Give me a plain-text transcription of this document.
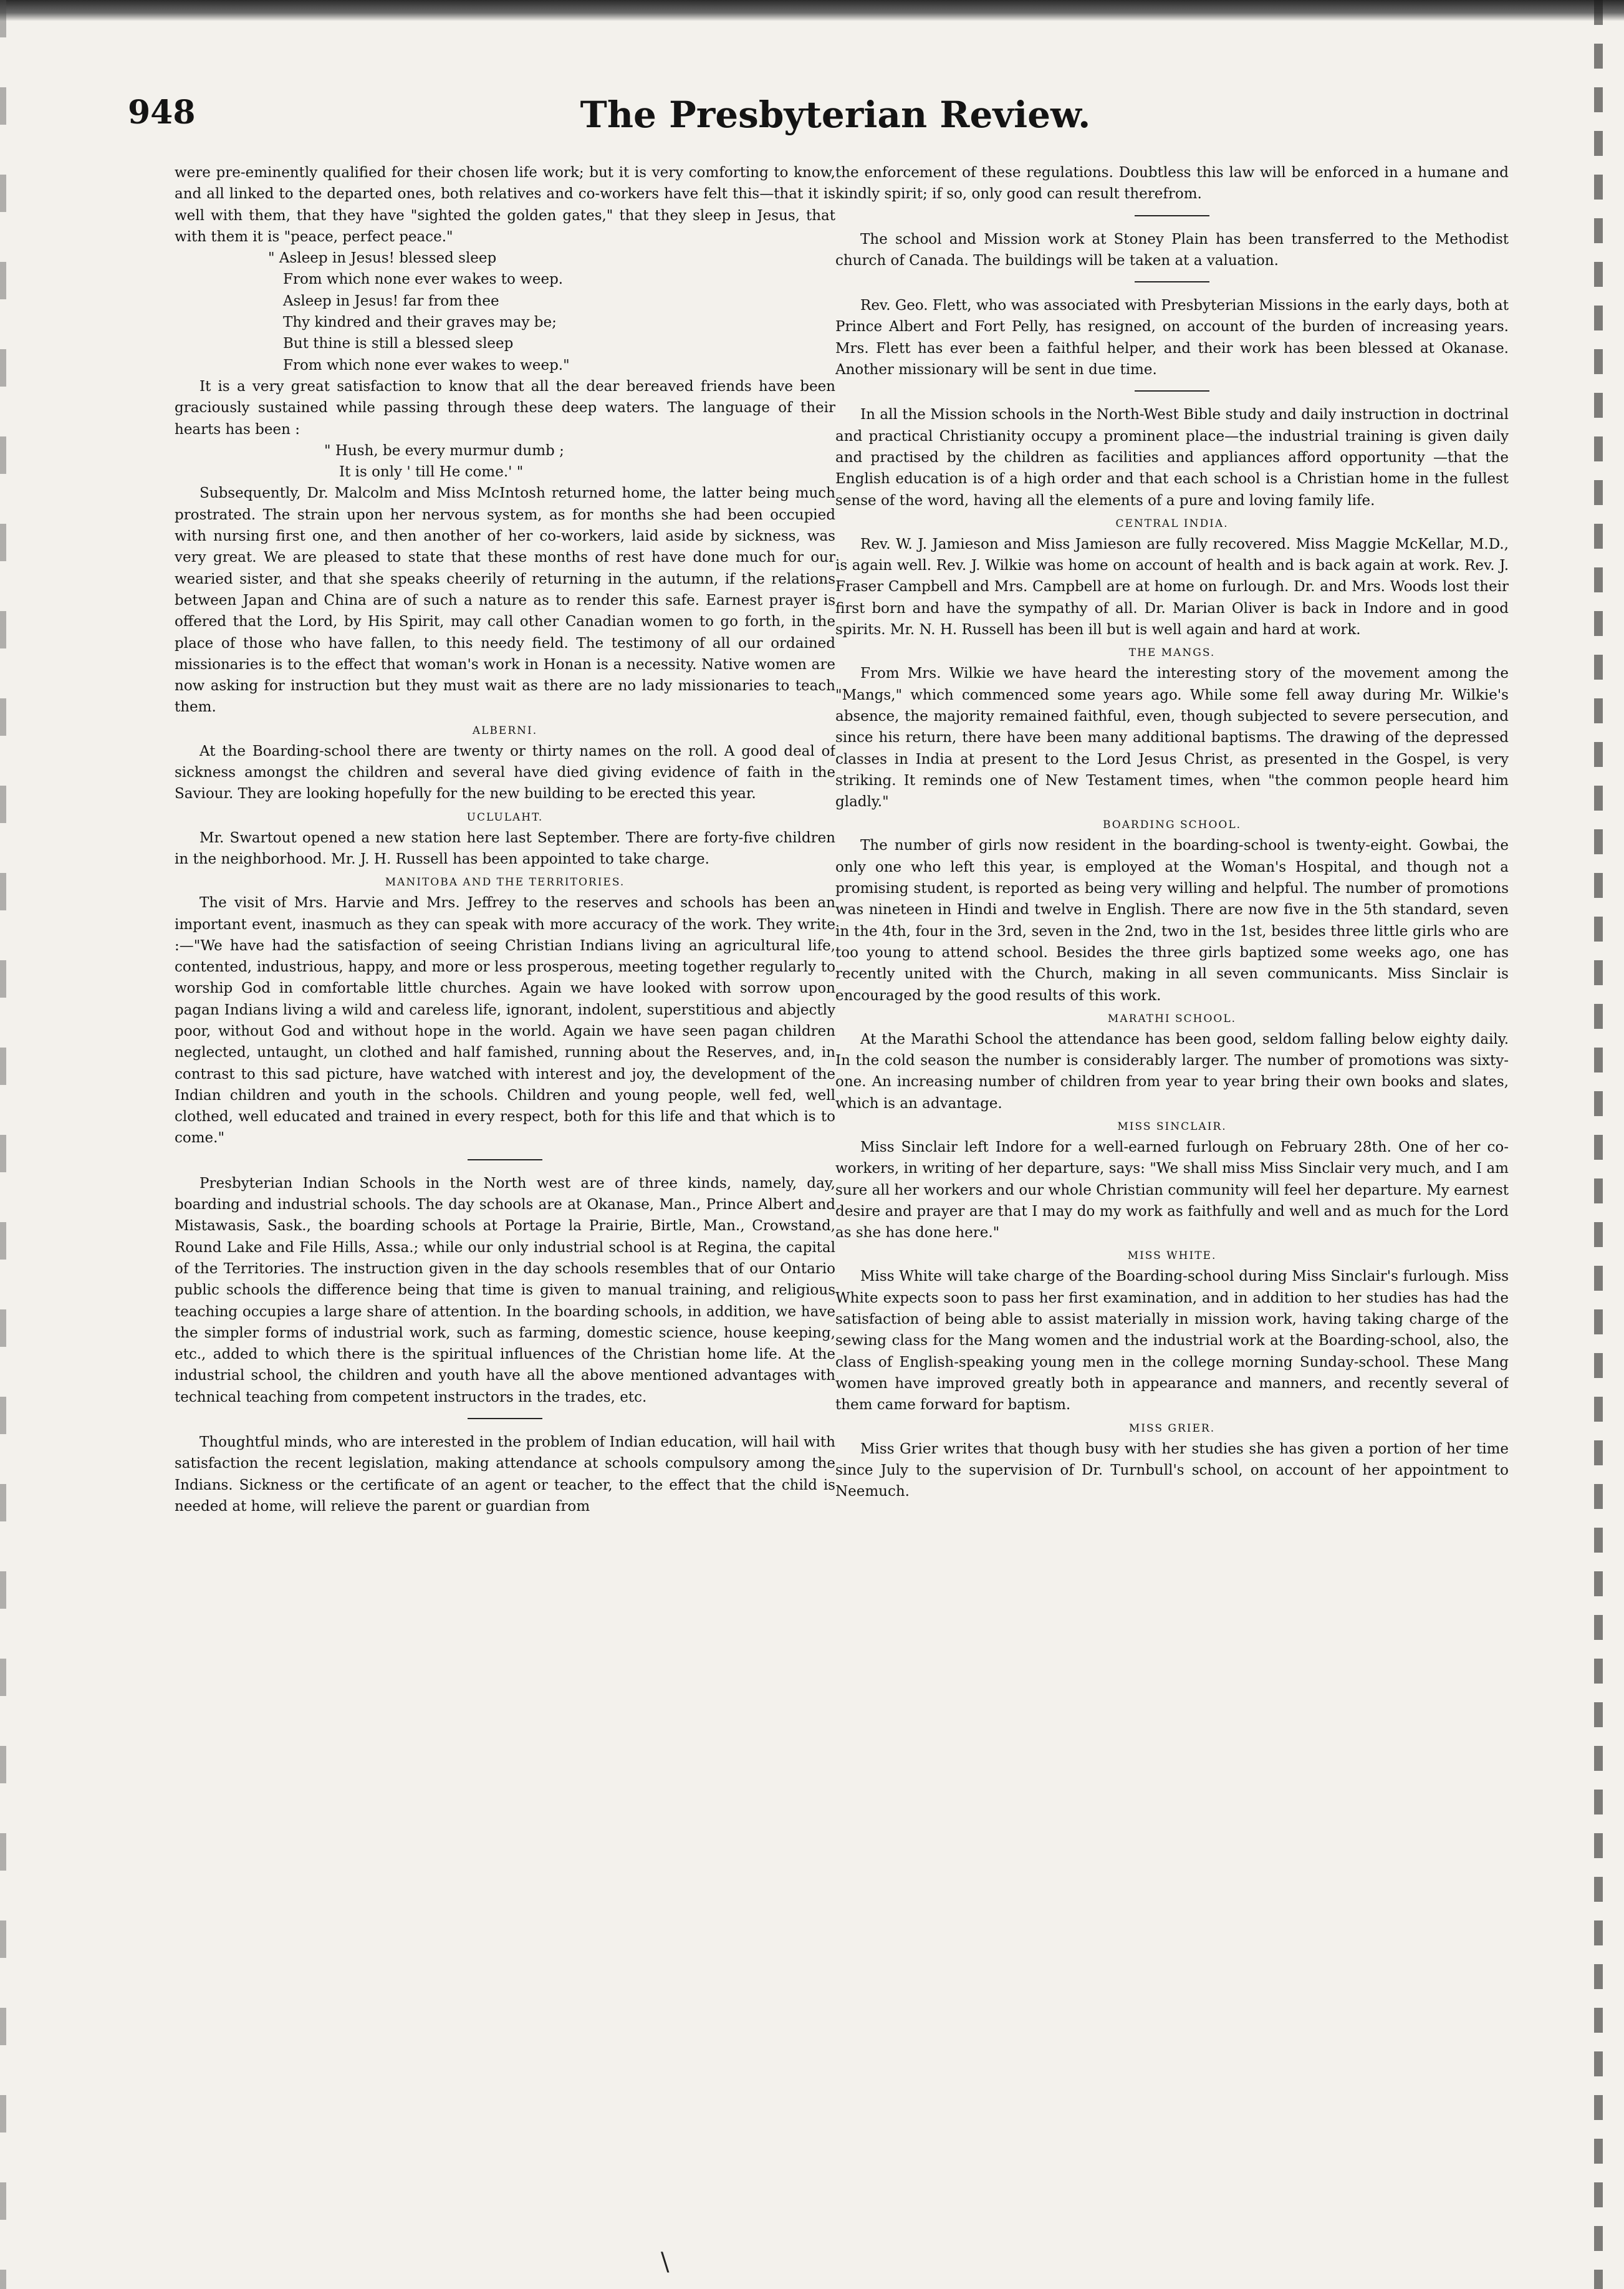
948	The Presbyterian Review.

were pre-eminently qualified for their chosen life work; but it is very comforting to know, and all linked to the departed ones, both relatives and co-workers have felt this—that it is well with them, that they have "sighted the golden gates," that they sleep in Jesus, that with them it is "peace, perfect peace."

" Asleep in Jesus! blessed sleep
From which none ever wakes to weep.
Asleep in Jesus! far from thee
Thy kindred and their graves may be;
But thine is still a blessed sleep
From which none ever wakes to weep."

It is a very great satisfaction to know that all the dear bereaved friends have been graciously sustained while passing through these deep waters. The language of their hearts has been :

" Hush, be every murmur dumb ;
It is only ' till He come.' "

Subsequently, Dr. Malcolm and Miss McIntosh returned home, the latter being much prostrated. The strain upon her nervous system, as for months she had been occupied with nursing first one, and then another of her co-workers, laid aside by sickness, was very great. We are pleased to state that these months of rest have done much for our wearied sister, and that she speaks cheerily of returning in the autumn, if the relations between Japan and China are of such a nature as to render this safe. Earnest prayer is offered that the Lord, by His Spirit, may call other Canadian women to go forth, in the place of those who have fallen, to this needy field. The testimony of all our ordained missionaries is to the effect that woman's work in Honan is a necessity. Native women are now asking for instruction but they must wait as there are no lady missionaries to teach them.

ALBERNI.

At the Boarding-school there are twenty or thirty names on the roll. A good deal of sickness amongst the children and several have died giving evidence of faith in the Saviour. They are looking hopefully for the new building to be erected this year.

UCLULAHT.

Mr. Swartout opened a new station here last September. There are forty-five children in the neighborhood. Mr. J. H. Russell has been appointed to take charge.

MANITOBA AND THE TERRITORIES.

The visit of Mrs. Harvie and Mrs. Jeffrey to the reserves and schools has been an important event, inasmuch as they can speak with more accuracy of the work. They write :—"We have had the satisfaction of seeing Christian Indians living an agricultural life, contented, industrious, happy, and more or less prosperous, meeting together regularly to worship God in comfortable little churches. Again we have looked with sorrow upon pagan Indians living a wild and careless life, ignorant, indolent, superstitious and abjectly poor, without God and without hope in the world. Again we have seen pagan children neglected, untaught, un clothed and half famished, running about the Reserves, and, in contrast to this sad picture, have watched with interest and joy, the development of the Indian children and youth in the schools. Children and young people, well fed, well clothed, well educated and trained in every respect, both for this life and that which is to come."

Presbyterian Indian Schools in the North west are of three kinds, namely, day, boarding and industrial schools. The day schools are at Okanase, Man., Prince Albert and Mistawasis, Sask., the boarding schools at Portage la Prairie, Birtle, Man., Crowstand, Round Lake and File Hills, Assa.; while our only industrial school is at Regina, the capital of the Territories. The instruction given in the day schools resembles that of our Ontario public schools the difference being that time is given to manual training, and religious teaching occupies a large share of attention. In the boarding schools, in addition, we have the simpler forms of industrial work, such as farming, domestic science, house keeping, etc., added to which there is the spiritual influences of the Christian home life. At the industrial school, the children and youth have all the above mentioned advantages with technical teaching from competent instructors in the trades, etc.

Thoughtful minds, who are interested in the problem of Indian education, will hail with satisfaction the recent legislation, making attendance at schools compulsory among the Indians. Sickness or the certificate of an agent or teacher, to the effect that the child is needed at home, will relieve the parent or guardian from

the enforcement of these regulations. Doubtless this law will be enforced in a humane and kindly spirit; if so, only good can result therefrom.

The school and Mission work at Stoney Plain has been transferred to the Methodist church of Canada. The buildings will be taken at a valuation.

Rev. Geo. Flett, who was associated with Presbyterian Missions in the early days, both at Prince Albert and Fort Pelly, has resigned, on account of the burden of increasing years. Mrs. Flett has ever been a faithful helper, and their work has been blessed at Okanase. Another missionary will be sent in due time.

In all the Mission schools in the North-West Bible study and daily instruction in doctrinal and practical Christianity occupy a prominent place—the industrial training is given daily and practised by the children as facilities and appliances afford opportunity —that the English education is of a high order and that each school is a Christian home in the fullest sense of the word, having all the elements of a pure and loving family life.

CENTRAL INDIA.

Rev. W. J. Jamieson and Miss Jamieson are fully recovered. Miss Maggie McKellar, M.D., is again well. Rev. J. Wilkie was home on account of health and is back again at work. Rev. J. Fraser Campbell and Mrs. Campbell are at home on furlough. Dr. and Mrs. Woods lost their first born and have the sympathy of all. Dr. Marian Oliver is back in Indore and in good spirits. Mr. N. H. Russell has been ill but is well again and hard at work.

THE MANGS.

From Mrs. Wilkie we have heard the interesting story of the movement among the "Mangs," which commenced some years ago. While some fell away during Mr. Wilkie's absence, the majority remained faithful, even, though subjected to severe persecution, and since his return, there have been many additional baptisms. The drawing of the depressed classes in India at present to the Lord Jesus Christ, as presented in the Gospel, is very striking. It reminds one of New Testament times, when "the common people heard him gladly."

BOARDING SCHOOL.

The number of girls now resident in the boarding-school is twenty-eight. Gowbai, the only one who left this year, is employed at the Woman's Hospital, and though not a promising student, is reported as being very willing and helpful. The number of promotions was nineteen in Hindi and twelve in English. There are now five in the 5th standard, seven in the 4th, four in the 3rd, seven in the 2nd, two in the 1st, besides three little girls who are too young to attend school. Besides the three girls baptized some weeks ago, one has recently united with the Church, making in all seven communicants. Miss Sinclair is encouraged by the good results of this work.

MARATHI SCHOOL.

At the Marathi School the attendance has been good, seldom falling below eighty daily. In the cold season the number is considerably larger. The number of promotions was sixty-one. An increasing number of children from year to year bring their own books and slates, which is an advantage.

MISS SINCLAIR.

Miss Sinclair left Indore for a well-earned furlough on February 28th. One of her co-workers, in writing of her departure, says: "We shall miss Miss Sinclair very much, and I am sure all her workers and our whole Christian community will feel her departure. My earnest desire and prayer are that I may do my work as faithfully and well and as much for the Lord as she has done here."

MISS WHITE.

Miss White will take charge of the Boarding-school during Miss Sinclair's furlough. Miss White expects soon to pass her first examination, and in addition to her studies has had the satisfaction of being able to assist materially in mission work, having taking charge of the sewing class for the Mang women and the industrial work at the Boarding-school, also, the class of English-speaking young men in the college morning Sunday-school. These Mang women have improved greatly both in appearance and manners, and recently several of them came forward for baptism.

MISS GRIER.

Miss Grier writes that though busy with her studies she has given a portion of her time since July to the supervision of Dr. Turnbull's school, on account of her appointment to Neemuch.

\
